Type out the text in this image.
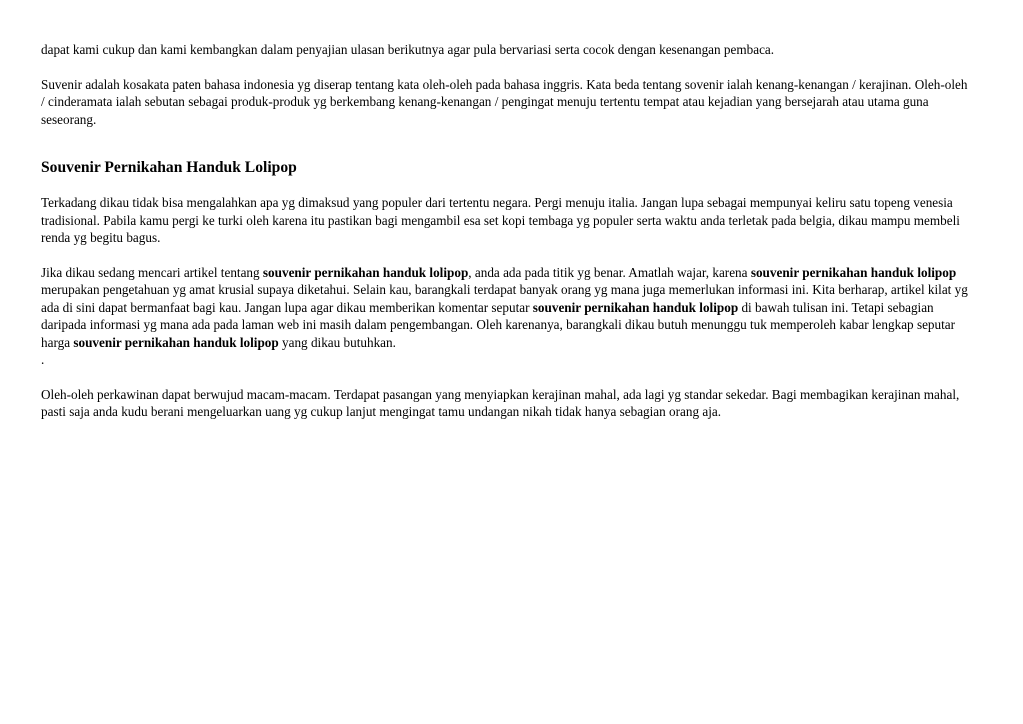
dapat kami cukup dan kami kembangkan dalam penyajian ulasan berikutnya agar pula bervariasi serta cocok dengan kesenangan pembaca.

Suvenir adalah kosakata paten bahasa indonesia yg diserap tentang kata oleh-oleh pada bahasa inggris. Kata beda tentang sovenir ialah kenang-kenangan / kerajinan. Oleh-oleh / cinderamata ialah sebutan sebagai produk-produk yg berkembang kenang-kenangan / pengingat menuju tertentu tempat atau kejadian yang bersejarah atau utama guna seseorang.

Souvenir Pernikahan Handuk Lolipop

Terkadang dikau tidak bisa mengalahkan apa yg dimaksud yang populer dari tertentu negara. Pergi menuju italia. Jangan lupa sebagai mempunyai keliru satu topeng venesia tradisional. Pabila kamu pergi ke turki oleh karena itu pastikan bagi mengambil esa set kopi tembaga yg populer serta waktu anda terletak pada belgia, dikau mampu membeli renda yg begitu bagus.

Jika dikau sedang mencari artikel tentang souvenir pernikahan handuk lolipop, anda ada pada titik yg benar. Amatlah wajar, karena souvenir pernikahan handuk lolipop merupakan pengetahuan yg amat krusial supaya diketahui. Selain kau, barangkali terdapat banyak orang yg mana juga memerlukan informasi ini. Kita berharap, artikel kilat yg ada di sini dapat bermanfaat bagi kau. Jangan lupa agar dikau memberikan komentar seputar souvenir pernikahan handuk lolipop di bawah tulisan ini. Tetapi sebagian daripada informasi yg mana ada pada laman web ini masih dalam pengembangan. Oleh karenanya, barangkali dikau butuh menunggu tuk memperoleh kabar lengkap seputar harga souvenir pernikahan handuk lolipop yang dikau butuhkan.

.

Oleh-oleh perkawinan dapat berwujud macam-macam. Terdapat pasangan yang menyiapkan kerajinan mahal, ada lagi yg standar sekedar. Bagi membagikan kerajinan mahal, pasti saja anda kudu berani mengeluarkan uang yg cukup lanjut mengingat tamu undangan nikah tidak hanya sebagian orang aja.
